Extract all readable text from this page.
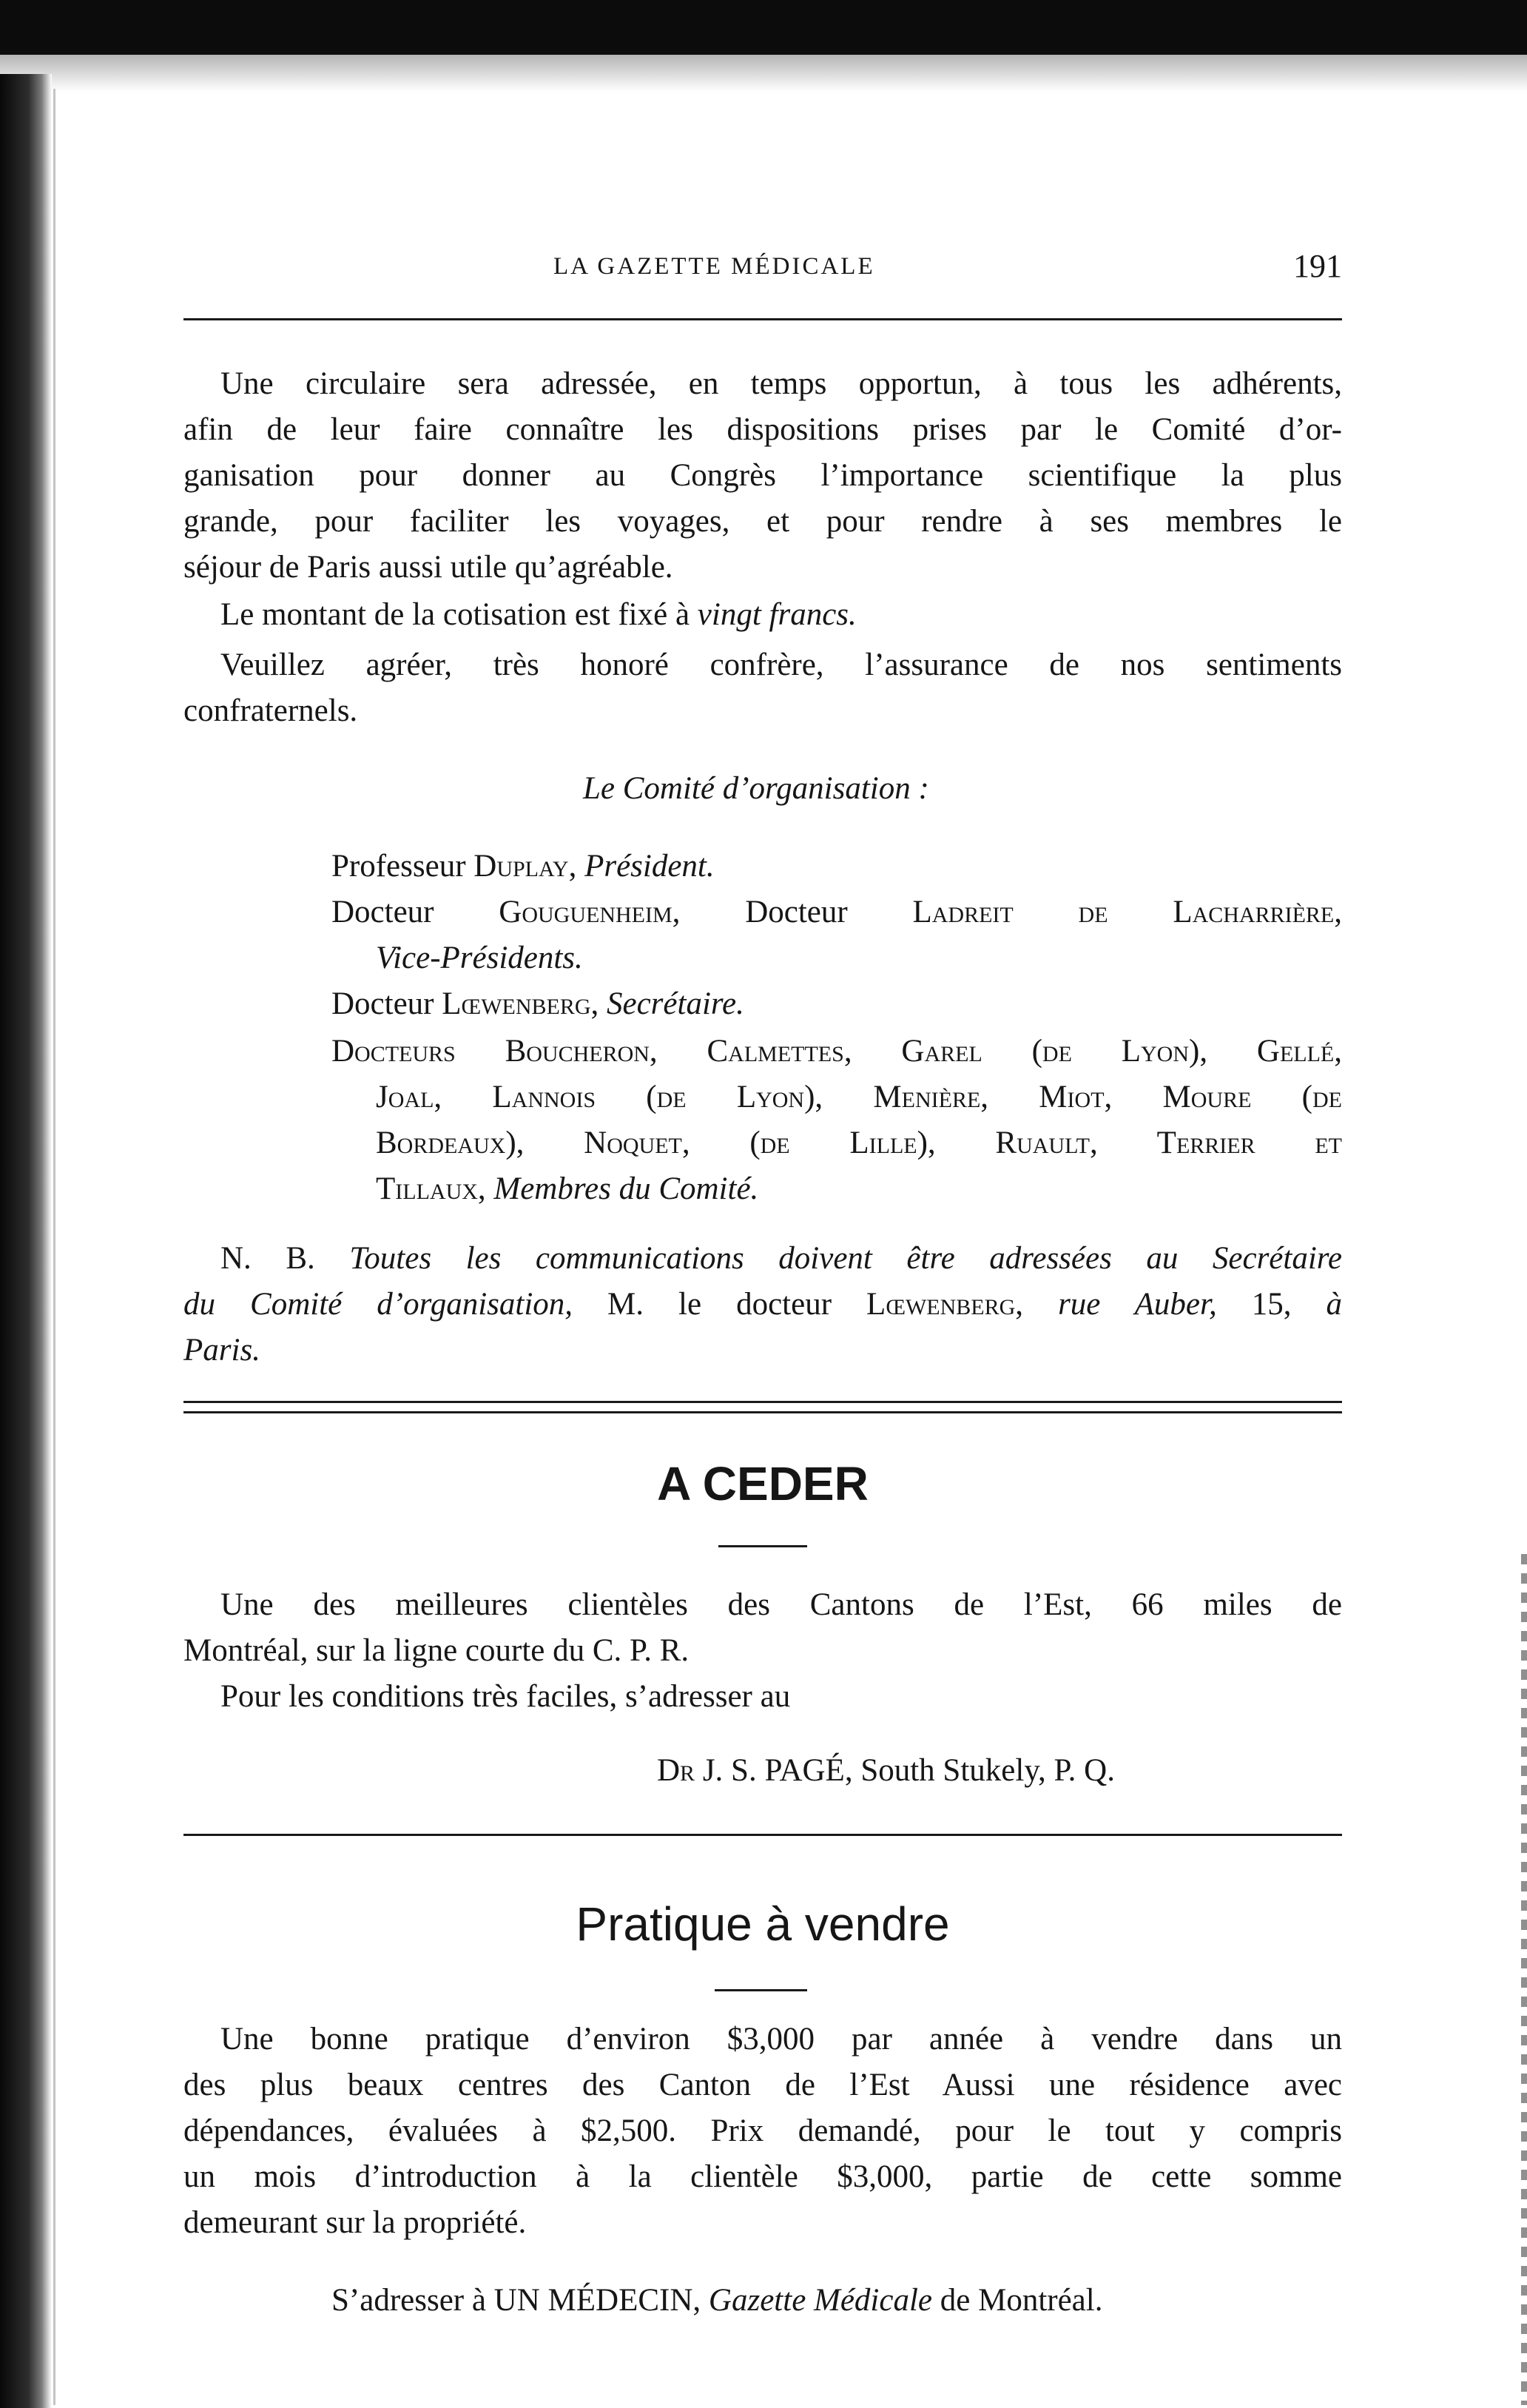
LA GAZETTE MÉDICALE	191
Une circulaire sera adressée, en temps opportun, à tous les adhérents,
afin de leur faire connaître les dispositions prises par le Comité d’or-
ganisation pour donner au Congrès l’importance scientifique la plus
grande, pour faciliter les voyages, et pour rendre à ses membres le
séjour de Paris aussi utile qu’agréable.
Le montant de la cotisation est fixé à vingt francs.
Veuillez agréer, très honoré confrère, l’assurance de nos sentiments
confraternels.
Le Comité d’organisation :
Professeur Duplay, Président.
Docteur Gouguenheim, Docteur Ladreit de Lacharrière,
Vice-Présidents.
Docteur Lœwenberg, Secrétaire.
Docteurs Boucheron, Calmettes, Garel (de Lyon), Gellé,
Joal, Lannois (de Lyon), Menière, Miot, Moure (de
Bordeaux), Noquet, (de Lille), Ruault, Terrier et
Tillaux, Membres du Comité.
N. B. Toutes les communications doivent être adressées au Secrétaire
du Comité d’organisation, M. le docteur Lœwenberg, rue Auber, 15, à
Paris.
A CEDER
Une des meilleures clientèles des Cantons de l’Est, 66 miles de
Montréal, sur la ligne courte du C. P. R.
Pour les conditions très faciles, s’adresser au
Dr J. S. PAGÉ, South Stukely, P. Q.
Pratique à vendre
Une bonne pratique d’environ $3,000 par année à vendre dans un
des plus beaux centres des Canton de l’Est Aussi une résidence avec
dépendances, évaluées à $2,500. Prix demandé, pour le tout y compris
un mois d’introduction à la clientèle $3,000, partie de cette somme
demeurant sur la propriété.
S’adresser à UN MÉDECIN, Gazette Médicale de Montréal.
